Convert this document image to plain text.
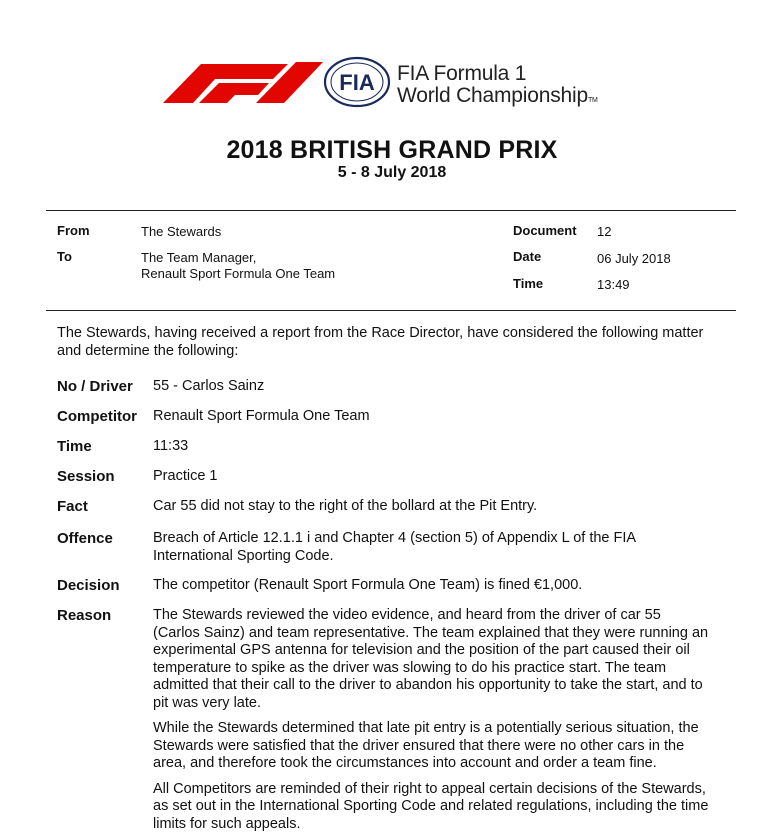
FIA FIA Formula 1
World ChampionshipTM
2018 BRITISH GRAND PRIX
5 - 8 July 2018
From	The Stewards
To	The Team Manager,
Renault Sport Formula One Team
Document 12
Date	06 July 2018
Time	13:49
The Stewards, having received a report from the Race Director, have considered the following matter
and determine the following:
No / Driver 55 - Carlos Sainz
Competitor Renault Sport Formula One Team
Time	11:33
Session	Practice 1
Fact	Car 55 did not stay to the right of the bollard at the Pit Entry.
Offence	Breach of Article 12.1.1 i and Chapter 4 (section 5) of Appendix L of the FIA
International Sporting Code.
Decision The competitor (Renault Sport Formula One Team) is fined €1,000.
Reason	The Stewards reviewed the video evidence, and heard from the driver of car 55
(Carlos Sainz) and team representative. The team explained that they were running an
experimental GPS antenna for television and the position of the part caused their oil
temperature to spike as the driver was slowing to do his practice start. The team
admitted that their call to the driver to abandon his opportunity to take the start, and to
pit was very late.
While the Stewards determined that late pit entry is a potentially serious situation, the
Stewards were satisfied that the driver ensured that there were no other cars in the
area, and therefore took the circumstances into account and order a team fine.
All Competitors are reminded of their right to appeal certain decisions of the Stewards,
as set out in the International Sporting Code and related regulations, including the time
limits for such appeals.
